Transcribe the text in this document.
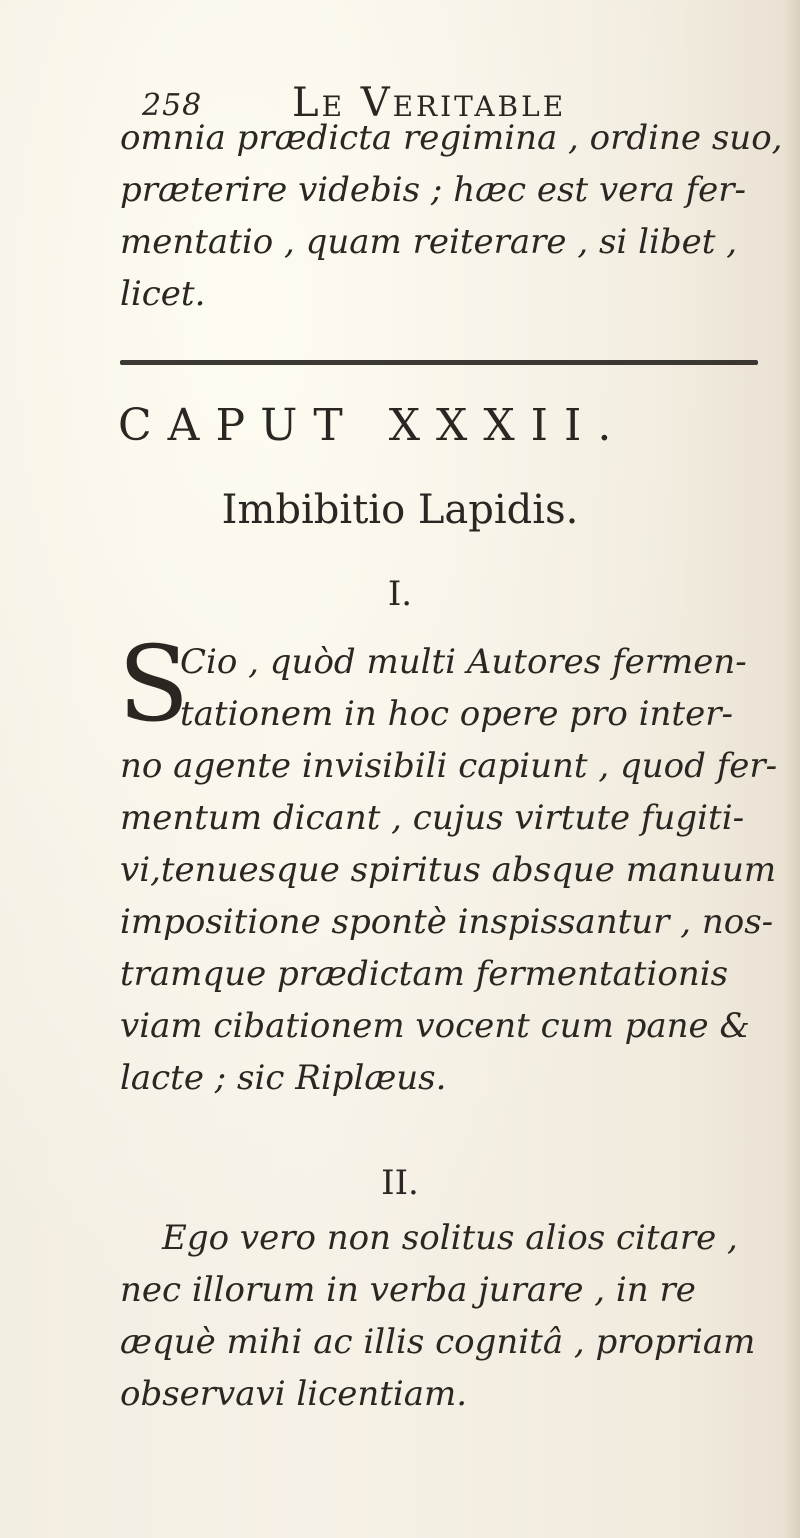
258 Le Veritable
omnia prædicta regimina , ordine suo,
præterire videbis ; hæc est vera fer-
mentatio , quam reiterare , si libet ,
licet.
CAPUT XXXII.
Imbibitio Lapidis.
I.
S
Cio , quòd multi Autores fermen-
tationem in hoc opere pro inter-
no agente invisibili capiunt , quod fer-
mentum dicant , cujus virtute fugiti-
vi,tenuesque spiritus absque manuum
impositione spontè inspissantur , nos-
tramque prædictam fermentationis
viam cibationem vocent cum pane &
lacte ; sic Riplæus.
II.
Ego vero non solitus alios citare ,
nec illorum in verba jurare , in re
æquè mihi ac illis cognitâ , propriam
observavi licentiam.
